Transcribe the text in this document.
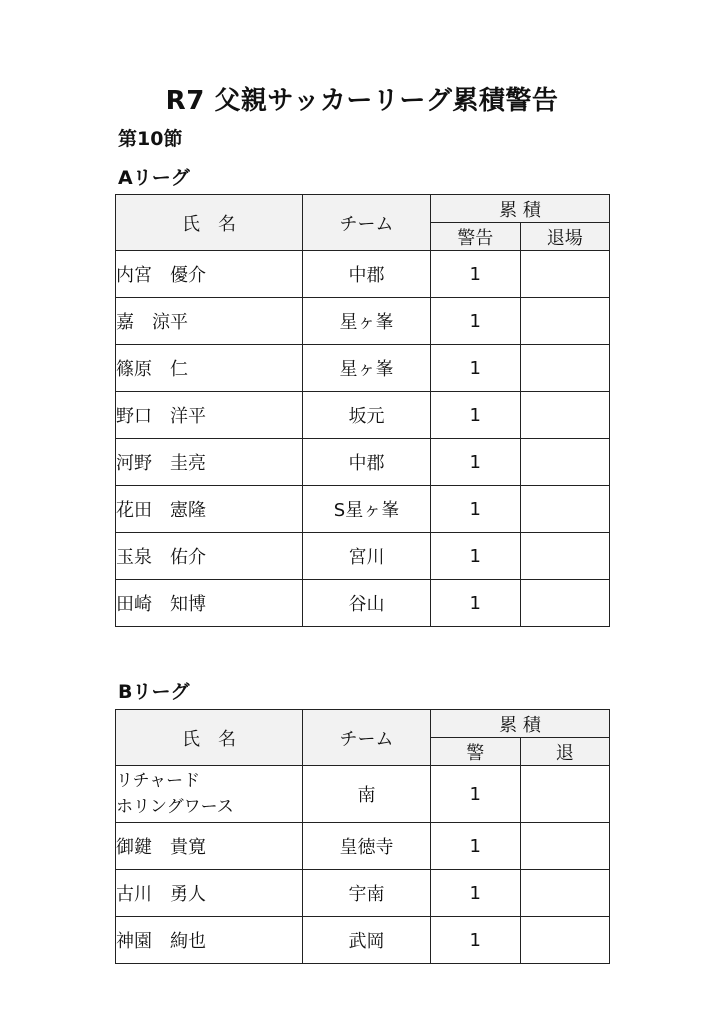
R7 父親サッカーリーグ累積警告
第10節
Aリーグ
氏　名	チーム	累 積	
		警告	退場
内宮　優介	中郡	1	
嘉　涼平	星ヶ峯	1	
篠原　仁	星ヶ峯	1	
野口　洋平	坂元	1	
河野　圭亮	中郡	1	
花田　憲隆	S星ヶ峯	1	
玉泉　佑介	宮川	1	
田崎　知博	谷山	1	
Bリーグ
氏　名	チーム	累 積	
		警	退

リチャード
ホリングワース	南	1	
御鍵　貴寛	皇徳寺	1	
古川　勇人	宇南	1	
神園　絢也	武岡	1	
